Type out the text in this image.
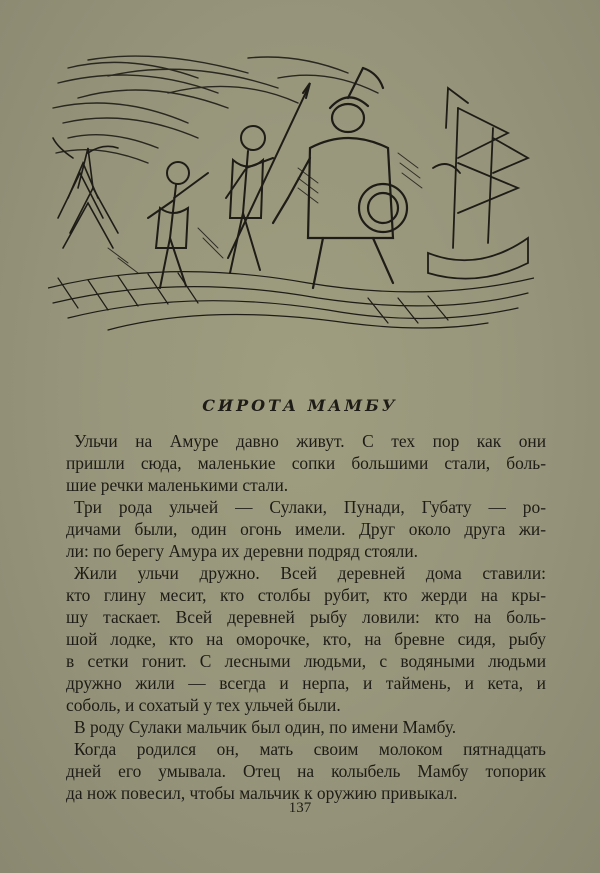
СИРОТА МАМБУ
Ульчи на Амуре давно живут. С тех пор как они
пришли сюда, маленькие сопки большими стали, боль-
шие речки маленькими стали.
Три рода ульчей — Сулаки, Пунади, Губату — ро-
дичами были, один огонь имели. Друг около друга жи-
ли: по берегу Амура их деревни подряд стояли.
Жили ульчи дружно. Всей деревней дома ставили:
кто глину месит, кто столбы рубит, кто жерди на кры-
шу таскает. Всей деревней рыбу ловили: кто на боль-
шой лодке, кто на оморочке, кто, на бревне сидя, рыбу
в сетки гонит. С лесными людьми, с водяными людьми
дружно жили — всегда и нерпа, и таймень, и кета, и
соболь, и сохатый у тех ульчей были.
В роду Сулаки мальчик был один, по имени Мамбу.
Когда родился он, мать своим молоком пятнадцать
дней его умывала. Отец на колыбель Мамбу топорик
да нож повесил, чтобы мальчик к оружию привыкал.
137
